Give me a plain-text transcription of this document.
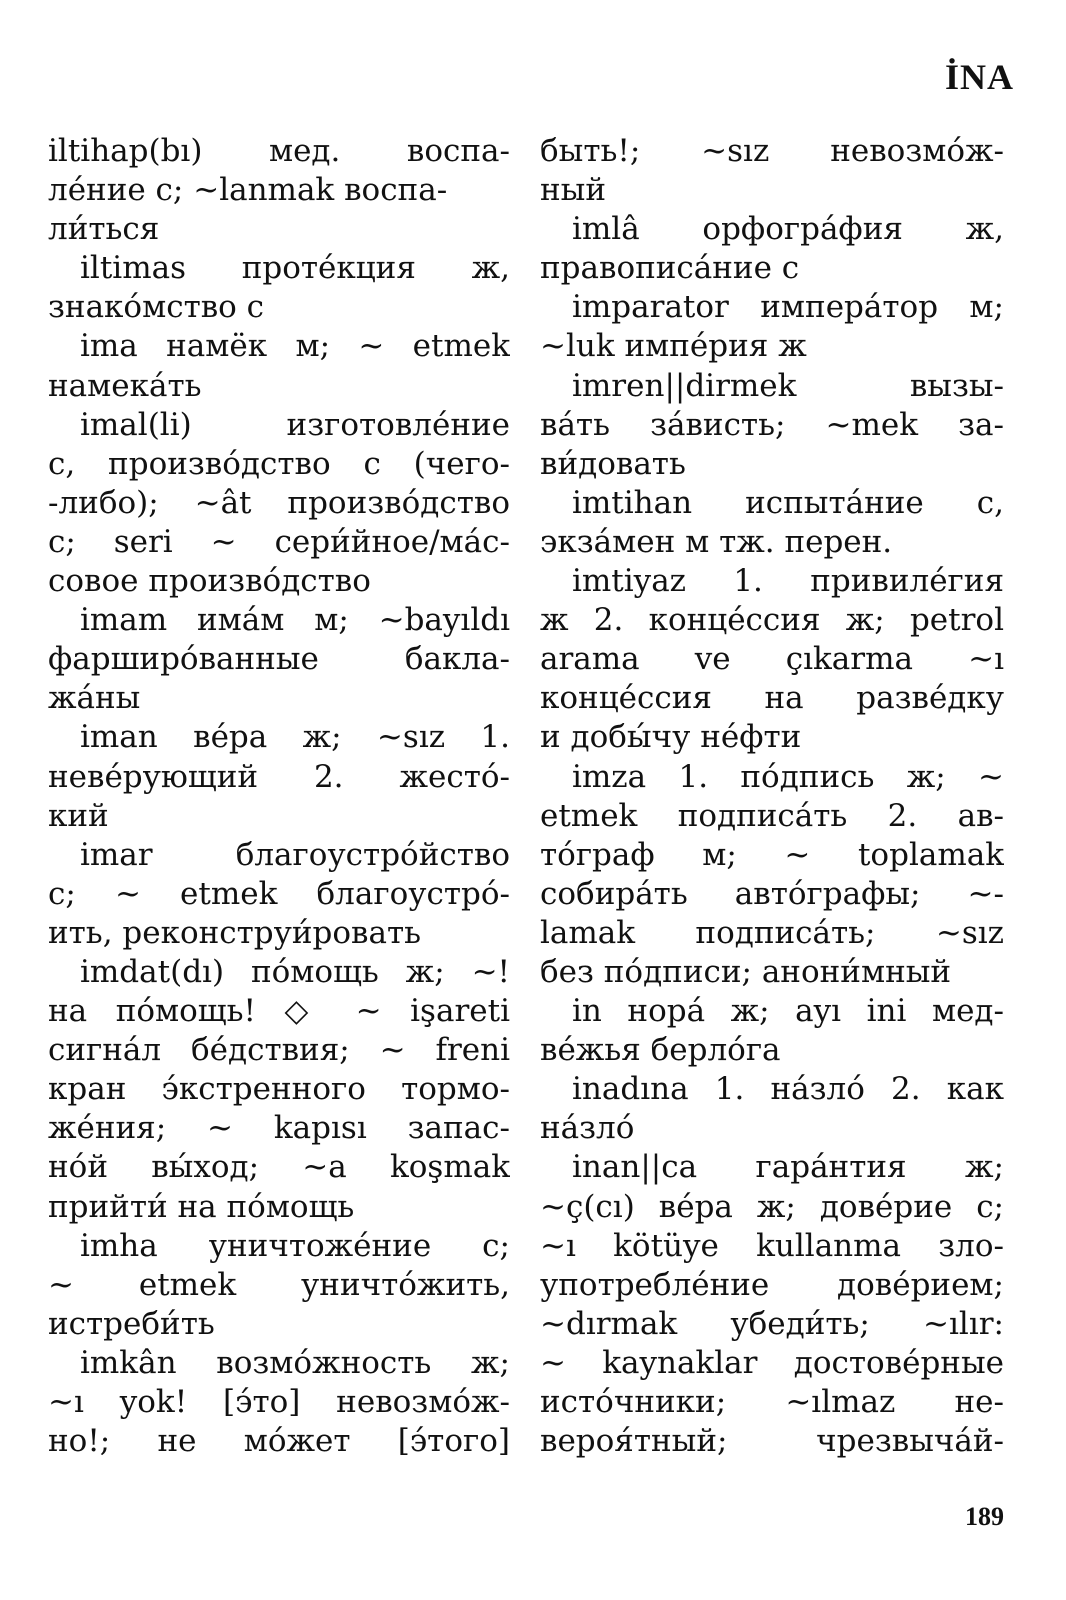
İNA
iltihap(bı) мед. воспа-
ле́ние с; ~lanmak воспа-
ли́ться
iltimas проте́кция ж,
знако́мство с
ima намёк м; ~ etmek
намека́ть
imal(li) изготовле́ние
с, произво́дство с (чего-
-либо); ~ât произво́дство
с; seri ~ сери́йное/ма́с-
совое произво́дство
imam има́м м; ~bayıldı
фарширо́ванные бакла-
жа́ны
iman ве́ра ж; ~sız 1.
неве́рующий 2. жесто́-
кий
imar благоустро́йство
с; ~ etmek благоустро́-
ить, реконструи́ровать
imdat(dı) по́мощь ж; ~!
на по́мощь! ◇ ~ işareti
сигна́л бе́дствия; ~ freni
кран э́кстренного тормо-
же́ния; ~ kapısı запас-
но́й вы́ход; ~a koşmak
прийти́ на по́мощь
imha уничтоже́ние с;
~ etmek уничто́жить,
истреби́ть
imkân возмо́жность ж;
~ı yok! [э́то] невозмо́ж-
но!; не мо́жет [э́того]
быть!; ~sız невозмо́ж-
ный
imlâ орфогра́фия ж,
правописа́ние с
imparator импера́тор м;
~luk импе́рия ж
imren||dirmek вызы-
ва́ть за́висть; ~mek за-
ви́довать
imtihan испыта́ние с,
экза́мен м тж. перен.
imtiyaz 1. привиле́гия
ж 2. конце́ссия ж; petrol
arama ve çıkarma ~ı
конце́ссия на разве́дку
и добы́чу не́фти
imza 1. по́дпись ж; ~
etmek подписа́ть 2. ав-
то́граф м; ~ toplamak
собира́ть авто́графы; ~-
lamak подписа́ть; ~sız
без по́дписи; анони́мный
in нора́ ж; ayı ini мед-
ве́жья берло́га
inadına 1. на́зло́ 2. как
на́зло́
inan||ca гара́нтия ж;
~ç(cı) ве́ра ж; дове́рие с;
~ı kötüye kullanma зло-
употребле́ние дове́рием;
~dırmak убеди́ть; ~ılır:
~ kaynaklar достове́рные
исто́чники; ~ılmaz не-
вероя́тный; чрезвыча́й-
189
